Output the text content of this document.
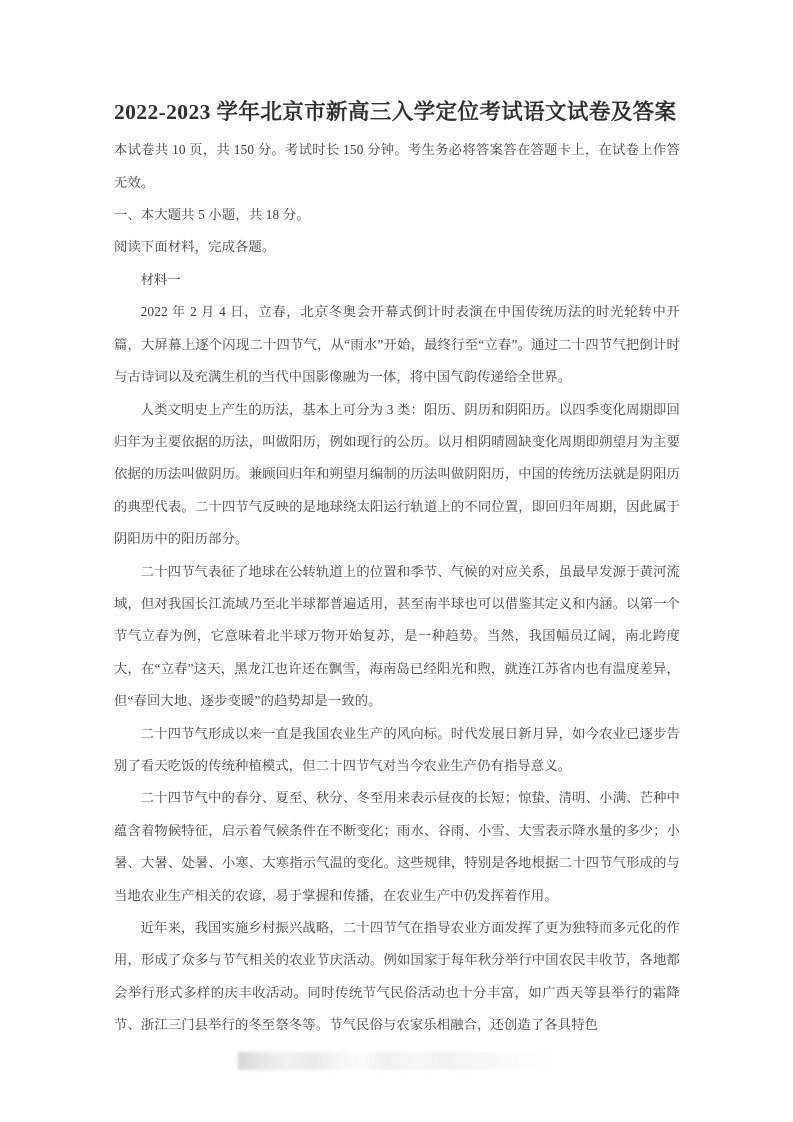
2022-2023 学年北京市新高三入学定位考试语文试卷及答案

本试卷共 10 页，共 150 分。考试时长 150 分钟。考生务必将答案答在答题卡上，在试卷上作答无效。

一、本大题共 5 小题，共 18 分。

阅读下面材料，完成各题。

材料一

2022 年 2 月 4 日，立春，北京冬奥会开幕式倒计时表演在中国传统历法的时光轮转中开篇，大屏幕上逐个闪现二十四节气，从“雨水”开始，最终行至“立春”。通过二十四节气把倒计时与古诗词以及充满生机的当代中国影像融为一体，将中国气韵传递给全世界。

人类文明史上产生的历法，基本上可分为 3 类：阳历、阴历和阴阳历。以四季变化周期即回归年为主要依据的历法，叫做阳历，例如现行的公历。以月相阴晴圆缺变化周期即朔望月为主要依据的历法叫做阴历。兼顾回归年和朔望月编制的历法叫做阴阳历，中国的传统历法就是阴阳历的典型代表。二十四节气反映的是地球绕太阳运行轨道上的不同位置，即回归年周期，因此属于阴阳历中的阳历部分。

二十四节气表征了地球在公转轨道上的位置和季节、气候的对应关系，虽最早发源于黄河流域，但对我国长江流域乃至北半球都普遍适用，甚至南半球也可以借鉴其定义和内涵。以第一个节气立春为例，它意味着北半球万物开始复苏，是一种趋势。当然，我国幅员辽阔，南北跨度大，在“立春”这天，黑龙江也许还在飘雪，海南岛已经阳光和煦，就连江苏省内也有温度差异，但“春回大地、逐步变暖”的趋势却是一致的。

二十四节气形成以来一直是我国农业生产的风向标。时代发展日新月异，如今农业已逐步告别了看天吃饭的传统种植模式，但二十四节气对当今农业生产仍有指导意义。

二十四节气中的春分、夏至、秋分、冬至用来表示昼夜的长短；惊蛰、清明、小满、芒种中蕴含着物候特征，启示着气候条件在不断变化；雨水、谷雨、小雪、大雪表示降水量的多少；小暑、大暑、处暑、小寒、大寒指示气温的变化。这些规律，特别是各地根据二十四节气形成的与当地农业生产相关的农谚，易于掌握和传播，在农业生产中仍发挥着作用。

近年来，我国实施乡村振兴战略，二十四节气在指导农业方面发挥了更为独特而多元化的作用，形成了众多与节气相关的农业节庆活动。例如国家于每年秋分举行中国农民丰收节，各地都会举行形式多样的庆丰收活动。同时传统节气民俗活动也十分丰富，如广西天等县举行的霜降节、浙江三门县举行的冬至祭冬等。节气民俗与农家乐相融合，还创造了各具特色
